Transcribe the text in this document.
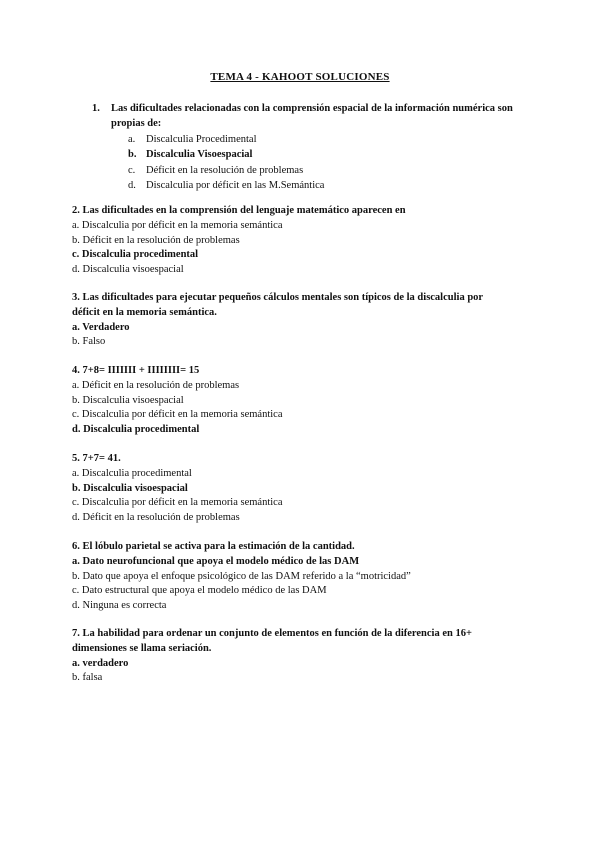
TEMA 4 - KAHOOT SOLUCIONES
1.	Las dificultades relacionadas con la comprensión espacial de la información numérica son propias de:
a.	Discalculia Procedimental
b. Discalculia Visoespacial
c.	Déficit en la resolución de problemas
d. Discalculia por déficit en las M.Semántica
2. Las dificultades en la comprensión del lenguaje matemático aparecen en
a. Discalculia por déficit en la memoria semántica
b. Déficit en la resolución de problemas
c. Discalculia procedimental
d. Discalculia visoespacial
3. Las dificultades para ejecutar pequeños cálculos mentales son típicos de la discalculia por
déficit en la memoria semántica.
a. Verdadero
b. Falso
4. 7+8= IIIIIII + IIIIIIII= 15
a. Déficit en la resolución de problemas
b. Discalculia visoespacial
c. Discalculia por déficit en la memoria semántica
d. Discalculia procedimental
5. 7+7= 41.
a. Discalculia procedimental
b. Discalculia visoespacial
c. Discalculia por déficit en la memoria semántica
d. Déficit en la resolución de problemas
6. El lóbulo parietal se activa para la estimación de la cantidad.
a. Dato neurofuncional que apoya el modelo médico de las DAM
b. Dato que apoya el enfoque psicológico de las DAM referido a la “motricidad”
c. Dato estructural que apoya el modelo médico de las DAM
d. Ninguna es correcta
7. La habilidad para ordenar un conjunto de elementos en función de la diferencia en 16+
dimensiones se llama seriación.
a. verdadero
b. falsa
